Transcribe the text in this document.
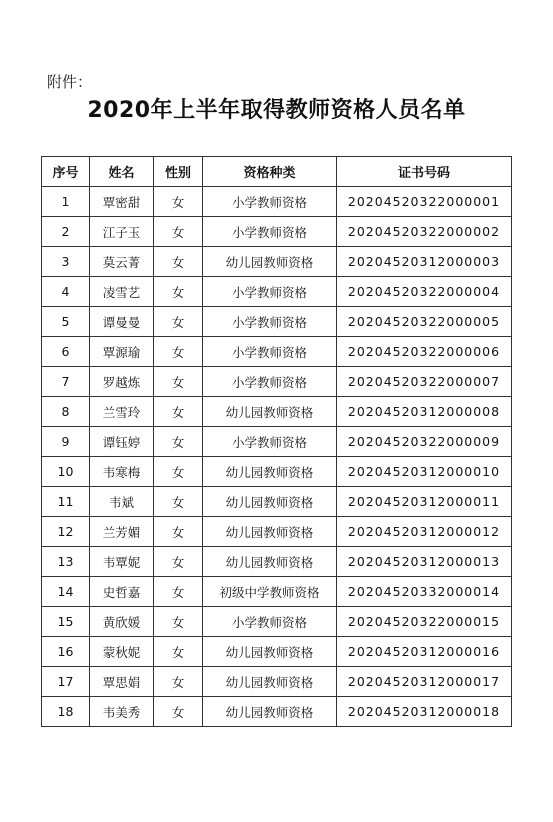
附件：
2020年上半年取得教师资格人员名单
序号	姓名	性别	资格种类	证书号码
1	覃密甜	女	小学教师资格	20204520322000001
2	江子玉	女	小学教师资格	20204520322000002
3	莫云菁	女	幼儿园教师资格	20204520312000003
4	凌雪艺	女	小学教师资格	20204520322000004
5	谭曼曼	女	小学教师资格	20204520322000005
6	覃源瑜	女	小学教师资格	20204520322000006
7	罗越炼	女	小学教师资格	20204520322000007
8	兰雪玲	女	幼儿园教师资格	20204520312000008
9	谭钰婷	女	小学教师资格	20204520322000009
10	韦寒梅	女	幼儿园教师资格	20204520312000010
11	韦斌	女	幼儿园教师资格	20204520312000011
12	兰芳媚	女	幼儿园教师资格	20204520312000012
13	韦覃妮	女	幼儿园教师资格	20204520312000013
14	史哲嘉	女	初级中学教师资格	20204520332000014
15	黄欣媛	女	小学教师资格	20204520322000015
16	蒙秋妮	女	幼儿园教师资格	20204520312000016
17	覃思娟	女	幼儿园教师资格	20204520312000017
18	韦美秀	女	幼儿园教师资格	20204520312000018
